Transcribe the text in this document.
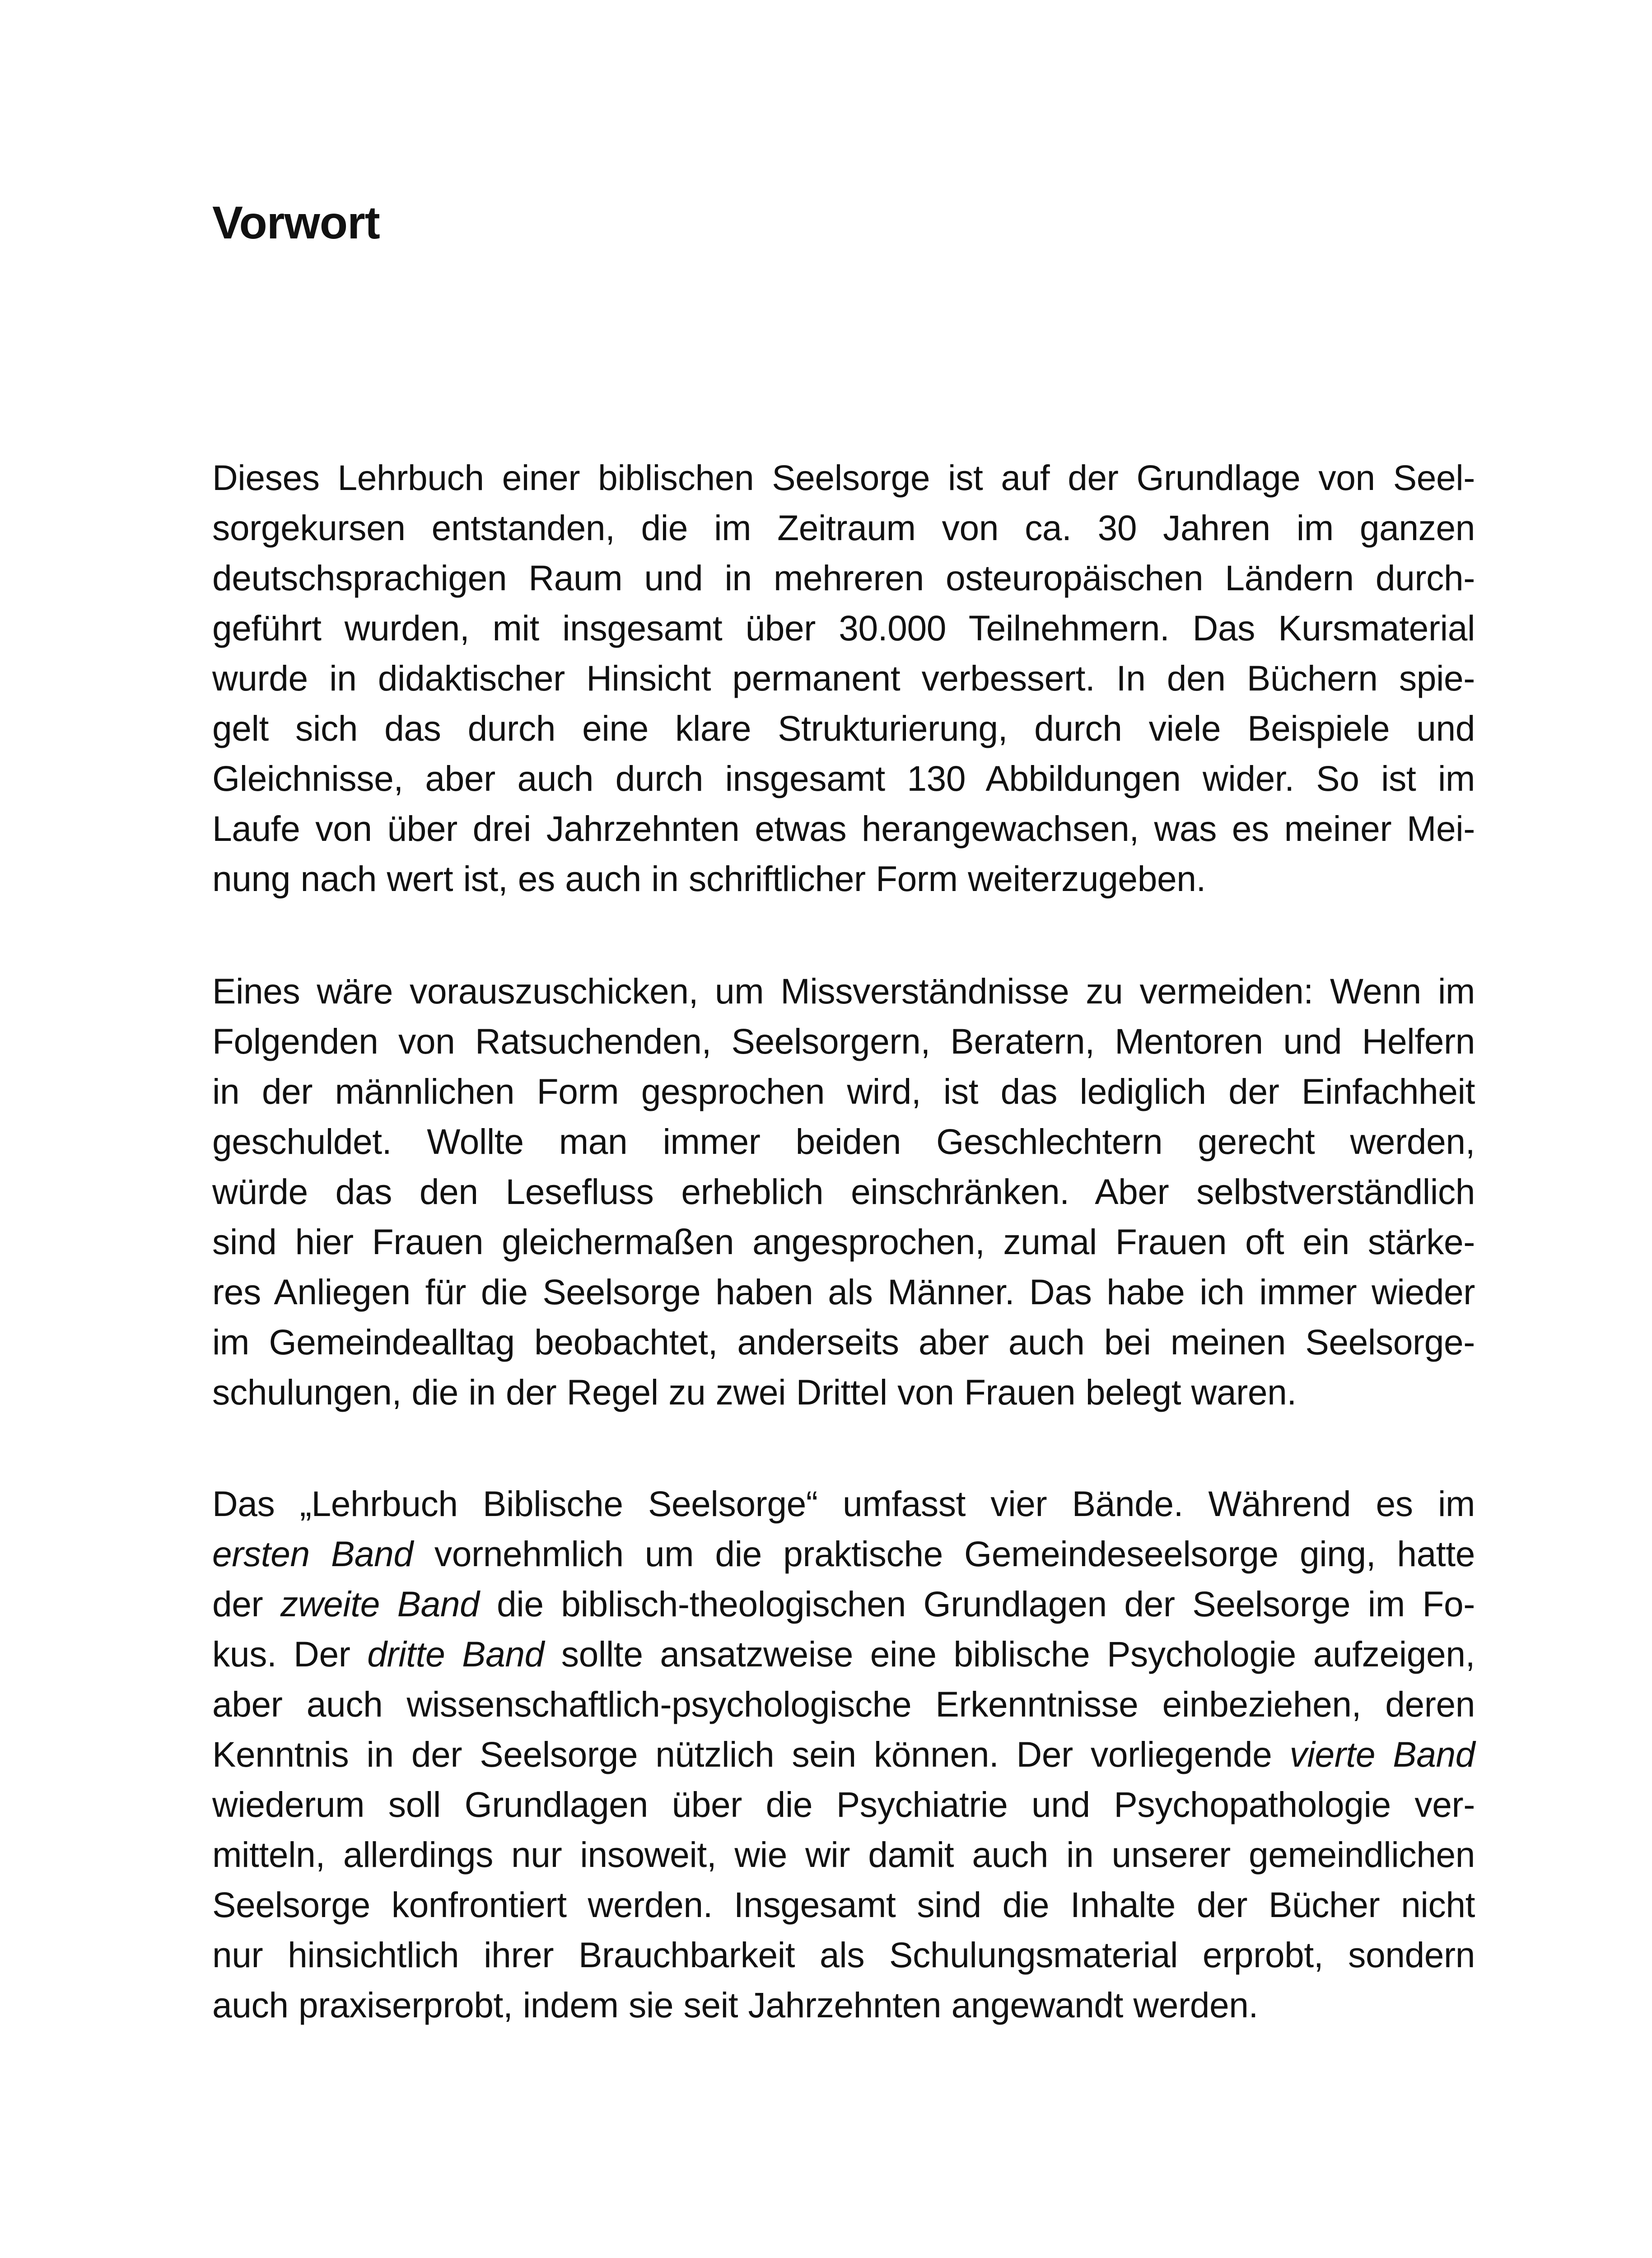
Vorwort

Dieses Lehrbuch einer biblischen Seelsorge ist auf der Grundlage von Seel-
sorgekursen entstanden, die im Zeitraum von ca. 30 Jahren im ganzen
deutschsprachigen Raum und in mehreren osteuropäischen Ländern durch-
geführt wurden, mit insgesamt über 30.000 Teilnehmern. Das Kursmaterial
wurde in didaktischer Hinsicht permanent verbessert. In den Büchern spie-
gelt sich das durch eine klare Strukturierung, durch viele Beispiele und
Gleichnisse, aber auch durch insgesamt 130 Abbildungen wider. So ist im
Laufe von über drei Jahrzehnten etwas herangewachsen, was es meiner Mei-
nung nach wert ist, es auch in schriftlicher Form weiterzugeben.

Eines wäre vorauszuschicken, um Missverständnisse zu vermeiden: Wenn im
Folgenden von Ratsuchenden, Seelsorgern, Beratern, Mentoren und Helfern
in der männlichen Form gesprochen wird, ist das lediglich der Einfachheit
geschuldet. Wollte man immer beiden Geschlechtern gerecht werden,
würde das den Lesefluss erheblich einschränken. Aber selbstverständlich
sind hier Frauen gleichermaßen angesprochen, zumal Frauen oft ein stärke-
res Anliegen für die Seelsorge haben als Männer. Das habe ich immer wieder
im Gemeindealltag beobachtet, anderseits aber auch bei meinen Seelsorge-
schulungen, die in der Regel zu zwei Drittel von Frauen belegt waren.

Das „Lehrbuch Biblische Seelsorge“ umfasst vier Bände. Während es im
ersten Band vornehmlich um die praktische Gemeindeseelsorge ging, hatte
der zweite Band die biblisch-theologischen Grundlagen der Seelsorge im Fo-
kus. Der dritte Band sollte ansatzweise eine biblische Psychologie aufzeigen,
aber auch wissenschaftlich-psychologische Erkenntnisse einbeziehen, deren
Kenntnis in der Seelsorge nützlich sein können. Der vorliegende vierte Band
wiederum soll Grundlagen über die Psychiatrie und Psychopathologie ver-
mitteln, allerdings nur insoweit, wie wir damit auch in unserer gemeindlichen
Seelsorge konfrontiert werden. Insgesamt sind die Inhalte der Bücher nicht
nur hinsichtlich ihrer Brauchbarkeit als Schulungsmaterial erprobt, sondern
auch praxiserprobt, indem sie seit Jahrzehnten angewandt werden.
